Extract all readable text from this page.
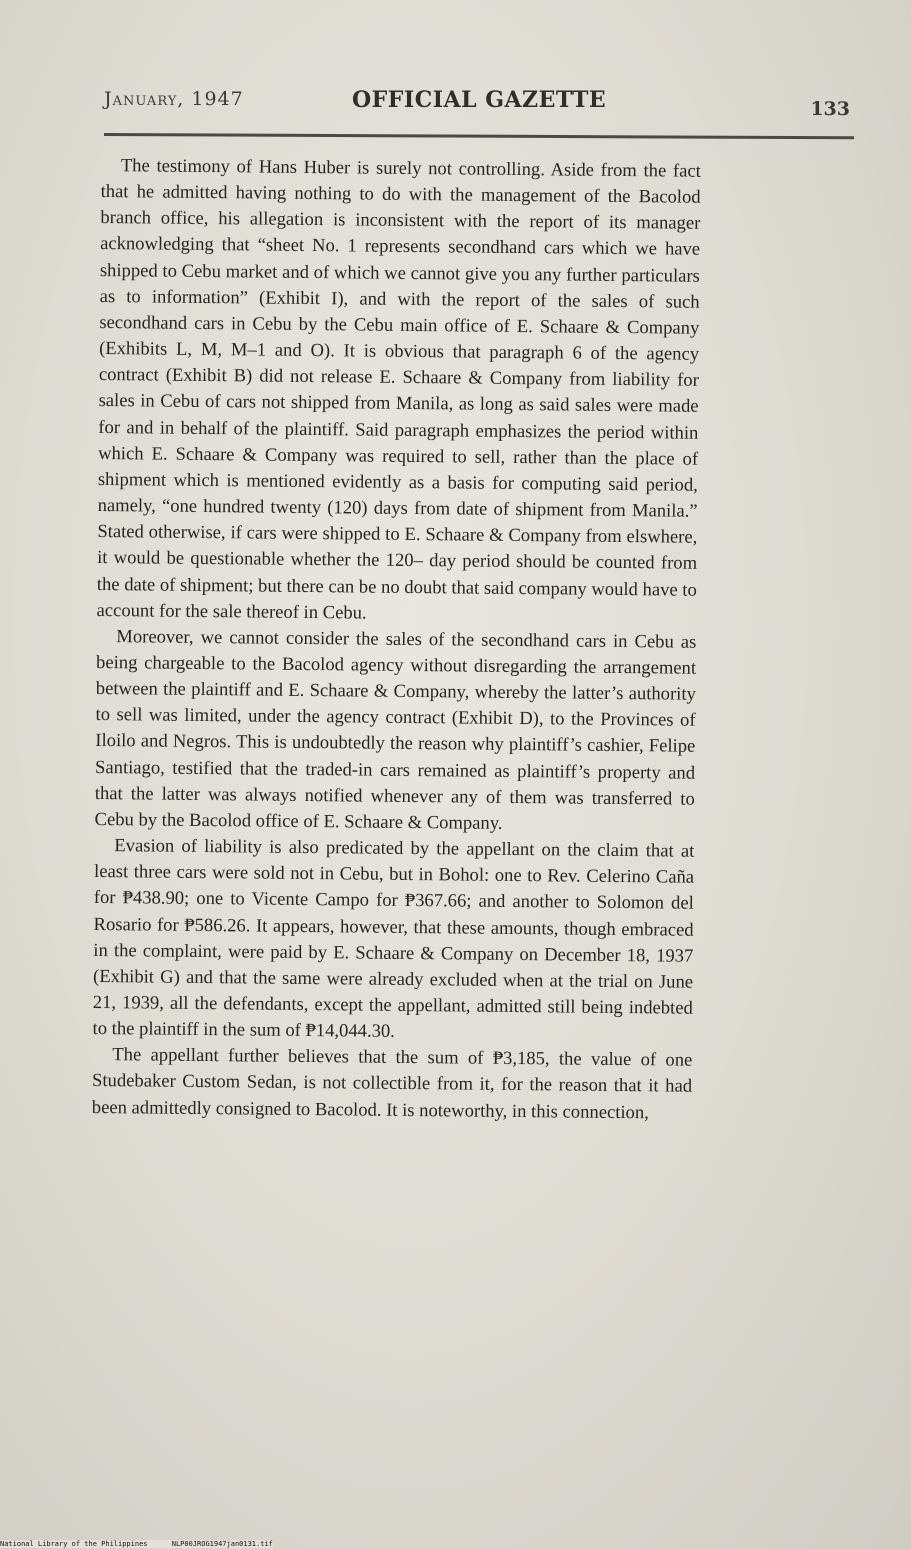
January, 1947	OFFICIAL GAZETTE	133

The testimony of Hans Huber is surely not controlling. Aside from the fact that he admitted having nothing to do with the management of the Bacolod branch office, his allegation is inconsistent with the report of its manager acknowledging that “sheet No. 1 represents secondhand cars which we have shipped to Cebu market and of which we cannot give you any further particulars as to information” (Exhibit I), and with the report of the sales of such secondhand cars in Cebu by the Cebu main office of E. Schaare & Company (Exhibits L, M, M–1 and O). It is obvious that paragraph 6 of the agency contract (Exhibit B) did not release E. Schaare & Company from liability for sales in Cebu of cars not shipped from Manila, as long as said sales were made for and in behalf of the plaintiff. Said paragraph emphasizes the period within which E. Schaare & Company was required to sell, rather than the place of shipment which is mentioned evidently as a basis for computing said period, namely, “one hundred twenty (120) days from date of shipment from Manila.” Stated otherwise, if cars were shipped to E. Schaare & Company from elswhere, it would be questionable whether the 120– day period should be counted from the date of shipment; but there can be no doubt that said company would have to account for the sale thereof in Cebu.

Moreover, we cannot consider the sales of the secondhand cars in Cebu as being chargeable to the Bacolod agency without disregarding the arrangement between the plaintiff and E. Schaare & Company, whereby the latter’s authority to sell was limited, under the agency contract (Exhibit D), to the Provinces of Iloilo and Negros. This is undoubtedly the reason why plaintiff’s cashier, Felipe Santiago, testified that the traded-in cars remained as plaintiff’s property and that the latter was always notified whenever any of them was transferred to Cebu by the Bacolod office of E. Schaare & Company.

Evasion of liability is also predicated by the appellant on the claim that at least three cars were sold not in Cebu, but in Bohol: one to Rev. Celerino Caña for ₱438.90; one to Vicente Campo for ₱367.66; and another to Solomon del Rosario for ₱586.26. It appears, however, that these amounts, though embraced in the complaint, were paid by E. Schaare & Company on December 18, 1937 (Exhibit G) and that the same were already excluded when at the trial on June 21, 1939, all the defendants, except the appellant, admitted still being indebted to the plaintiff in the sum of ₱14,044.30.

The appellant further believes that the sum of ₱3,185, the value of one Studebaker Custom Sedan, is not collectible from it, for the reason that it had been admittedly consigned to Bacolod. It is noteworthy, in this connection,

National Library of the Philippines	NLP00JROG1947jan0131.tif
